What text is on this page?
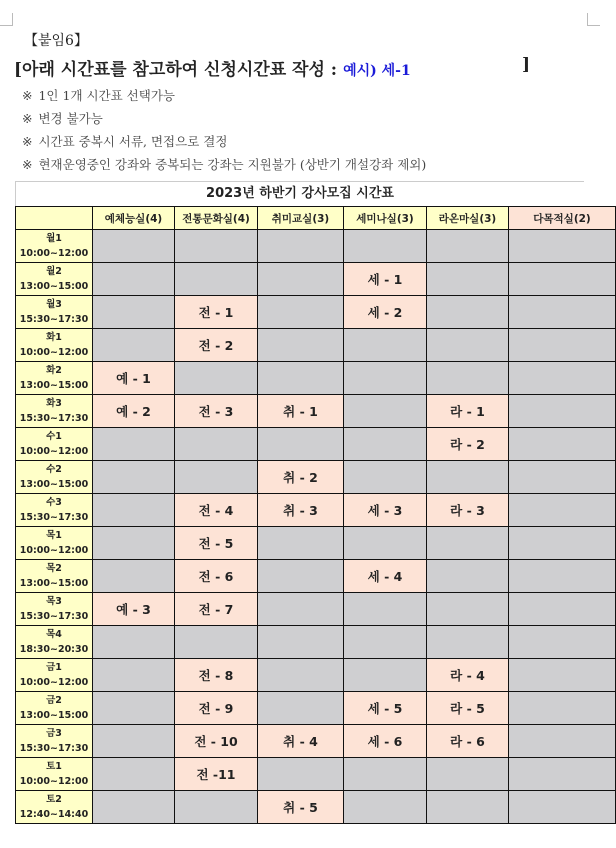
【붙임6】
[아래 시간표를 참고하여 신청시간표 작성 : 예시) 세-1	]
※ 1인 1개 시간표 선택가능
※ 변경 불가능
※ 시간표 중복시 서류, 면접으로 결정
※ 현재운영중인 강좌와 중복되는 강좌는 지원불가 (상반기 개설강좌 제외)
2023년 하반기 강사모집 시간표
	예체능실(4)	전통문화실(4)	취미교실(3)	세미나실(3)	라온마실(3)	다목적실(2)

월1
10:00~12:00						

월2
13:00~15:00				세 - 1		

월3
15:30~17:30		전 - 1		세 - 2		

화1
10:00~12:00		전 - 2				

화2
13:00~15:00	예 - 1					

화3
15:30~17:30	예 - 2	전 - 3	취 - 1		라 - 1	

수1
10:00~12:00					라 - 2	

수2
13:00~15:00			취 - 2			

수3
15:30~17:30		전 - 4	취 - 3	세 - 3	라 - 3	

목1
10:00~12:00		전 - 5				

목2
13:00~15:00		전 - 6		세 - 4		

목3
15:30~17:30	예 - 3	전 - 7				

목4
18:30~20:30						

금1
10:00~12:00		전 - 8			라 - 4	

금2
13:00~15:00		전 - 9		세 - 5	라 - 5	

금3
15:30~17:30		전 - 10	취 - 4	세 - 6	라 - 6	

토1
10:00~12:00		전 -11				

토2
12:40~14:40			취 - 5			
